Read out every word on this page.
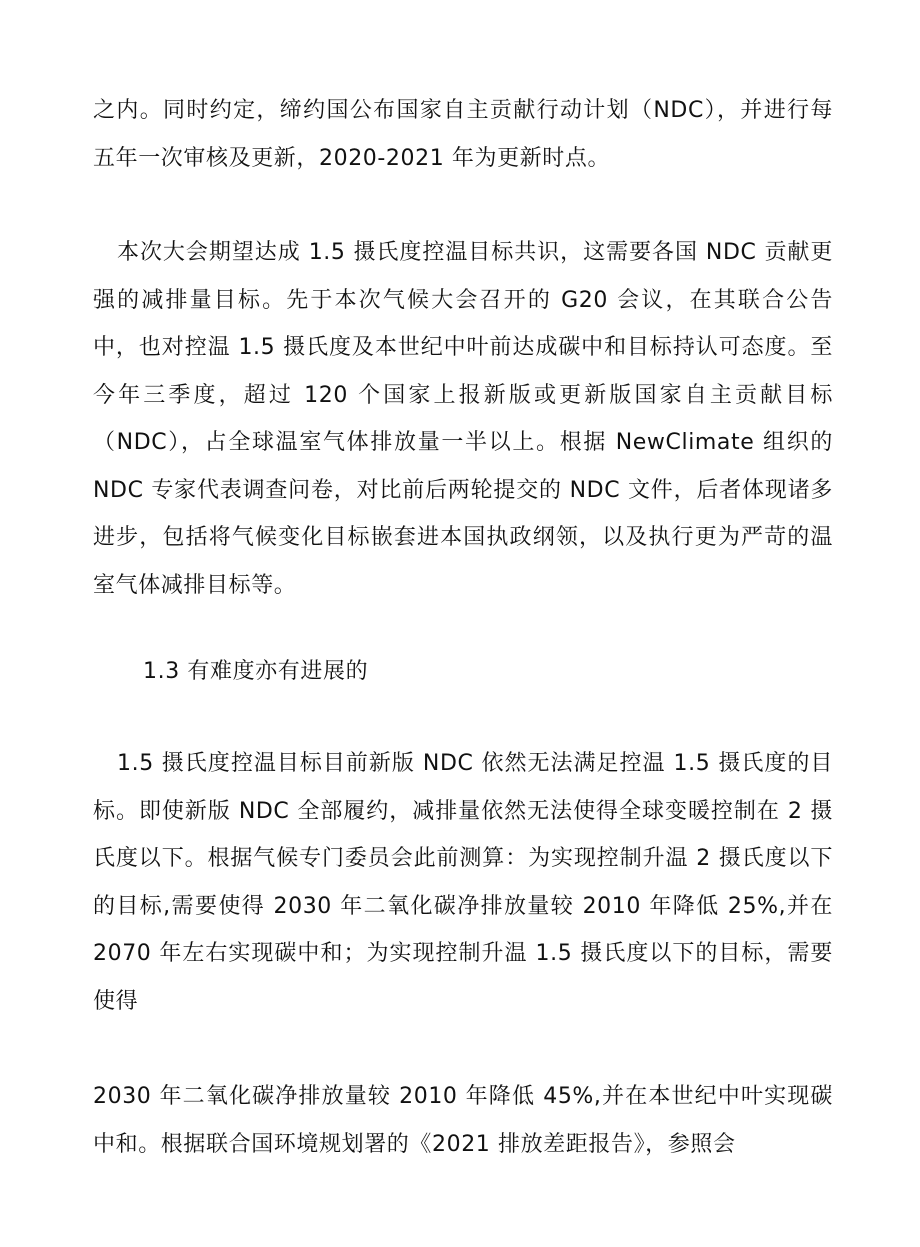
之内。同时约定，缔约国公布国家自主贡献行动计划（NDC），并进行每五年一次审核及更新，2020-2021 年为更新时点。

本次大会期望达成 1.5 摄氏度控温目标共识，这需要各国 NDC 贡献更强的减排量目标。先于本次气候大会召开的 G20 会议，在其联合公告中，也对控温 1.5 摄氏度及本世纪中叶前达成碳中和目标持认可态度。至今年三季度，超过 120 个国家上报新版或更新版国家自主贡献目标（NDC），占全球温室气体排放量一半以上。根据 NewClimate 组织的 NDC 专家代表调查问卷，对比前后两轮提交的 NDC 文件，后者体现诸多进步，包括将气候变化目标嵌套进本国执政纲领，以及执行更为严苛的温室气体减排目标等。

1.3 有难度亦有进展的

1.5 摄氏度控温目标目前新版 NDC 依然无法满足控温 1.5 摄氏度的目标。即使新版 NDC 全部履约，减排量依然无法使得全球变暖控制在 2 摄氏度以下。根据气候专门委员会此前测算：为实现控制升温 2 摄氏度以下的目标,需要使得 2030 年二氧化碳净排放量较 2010 年降低 25%,并在 2070 年左右实现碳中和；为实现控制升温 1.5 摄氏度以下的目标，需要使得

2030 年二氧化碳净排放量较 2010 年降低 45%,并在本世纪中叶实现碳中和。根据联合国环境规划署的《2021 排放差距报告》，参照会
